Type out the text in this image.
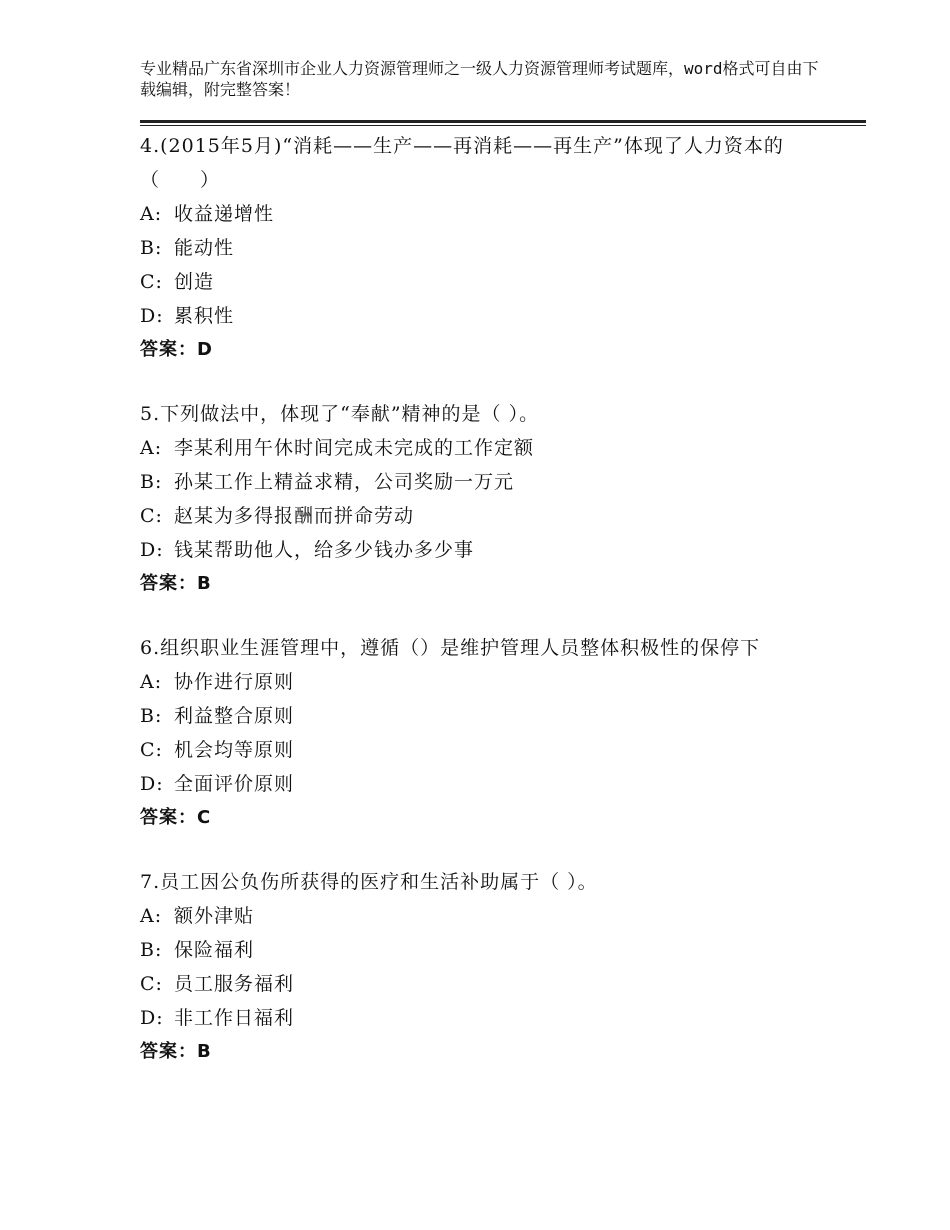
专业精品广东省深圳市企业人力资源管理师之一级人力资源管理师考试题库，word格式可自由下载编辑，附完整答案！

4.(2015年5月)“消耗——生产——再消耗——再生产”体现了人力资本的（　　）

A: 收益递增性
B: 能动性
C: 创造
D: 累积性
答案：D

5.下列做法中，体现了“奉献”精神的是（ ）。

A: 李某利用午休时间完成未完成的工作定额
B: 孙某工作上精益求精，公司奖励一万元
C: 赵某为多得报酬而拼命劳动
D: 钱某帮助他人，给多少钱办多少事
答案：B

6.组织职业生涯管理中，遵循（）是维护管理人员整体积极性的保停下

A: 协作进行原则
B: 利益整合原则
C: 机会均等原则
D: 全面评价原则
答案：C

7.员工因公负伤所获得的医疗和生活补助属于（ ）。

A: 额外津贴
B: 保险福利
C: 员工服务福利
D: 非工作日福利
答案：B
